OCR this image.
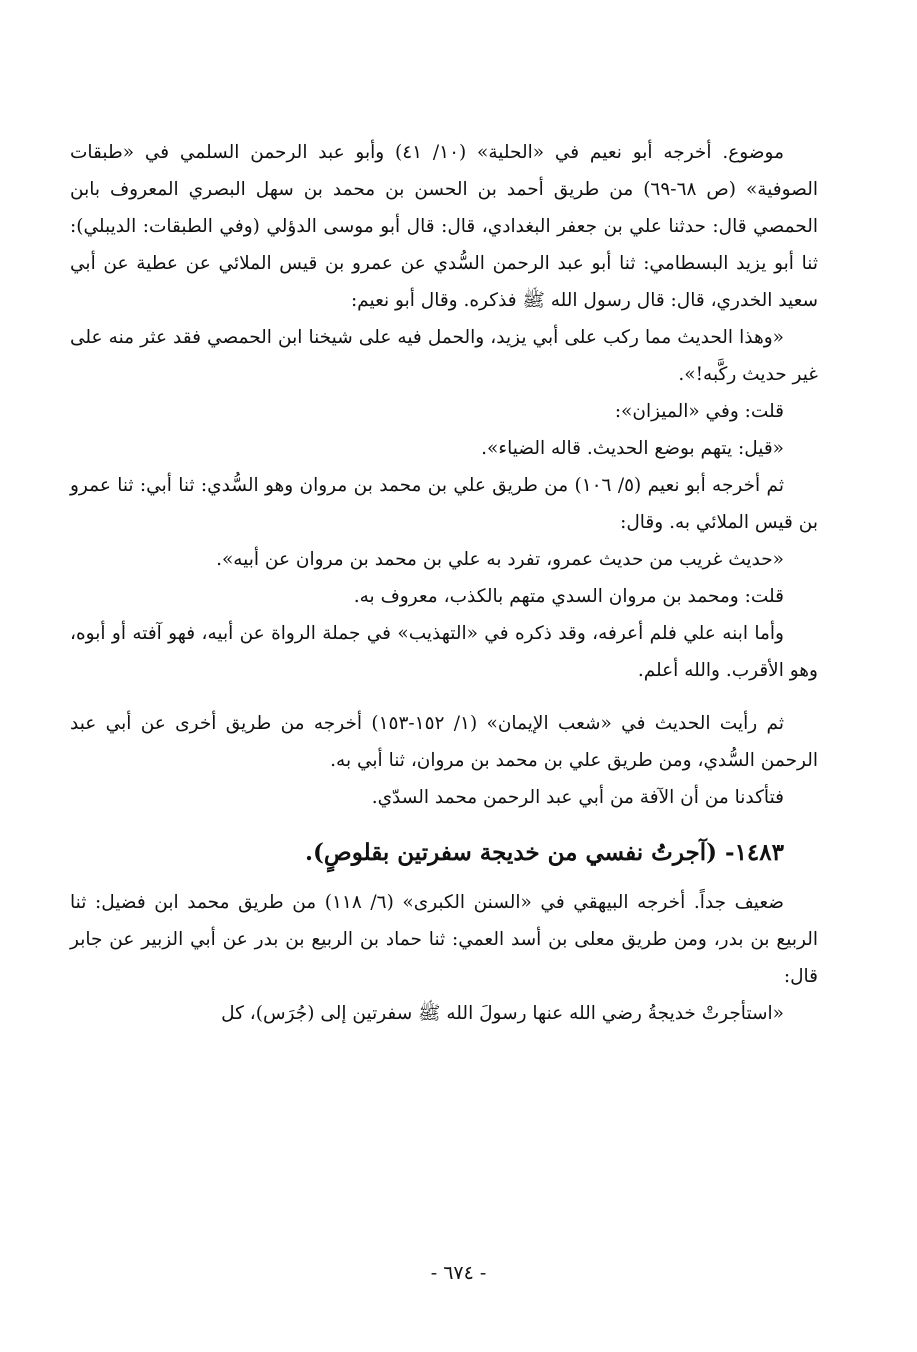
موضوع. أخرجه أبو نعيم في «الحلية» (١٠/ ٤١) وأبو عبد الرحمن السلمي في «طبقات الصوفية» (ص ٦٨-٦٩) من طريق أحمد بن الحسن بن محمد بن سهل البصري المعروف بابن الحمصي قال: حدثنا علي بن جعفر البغدادي، قال: قال أبو موسى الدؤلي (وفي الطبقات: الديبلي): ثنا أبو يزيد البسطامي: ثنا أبو عبد الرحمن السُّدي عن عمرو بن قيس الملائي عن عطية عن أبي سعيد الخدري، قال: قال رسول الله ﷺ فذكره. وقال أبو نعيم:

«وهذا الحديث مما ركب على أبي يزيد، والحمل فيه على شيخنا ابن الحمصي فقد عثر منه على غير حديث ركَّبه!».

قلت: وفي «الميزان»:

«قيل: يتهم بوضع الحديث. قاله الضياء».

ثم أخرجه أبو نعيم (٥/ ١٠٦) من طريق علي بن محمد بن مروان وهو السُّدي: ثنا أبي: ثنا عمرو بن قيس الملائي به. وقال:

«حديث غريب من حديث عمرو، تفرد به علي بن محمد بن مروان عن أبيه».

قلت: ومحمد بن مروان السدي متهم بالكذب، معروف به.

وأما ابنه علي فلم أعرفه، وقد ذكره في «التهذيب» في جملة الرواة عن أبيه، فهو آفته أو أبوه، وهو الأقرب. والله أعلم.

ثم رأيت الحديث في «شعب الإيمان» (١/ ١٥٢-١٥٣) أخرجه من طريق أخرى عن أبي عبد الرحمن السُّدي، ومن طريق علي بن محمد بن مروان، ثنا أبي به.

فتأكدنا من أن الآفة من أبي عبد الرحمن محمد السدّي.

١٤٨٣- (آجرتُ نفسي من خديجة سفرتين بقلوصٍ).

ضعيف جداً. أخرجه البيهقي في «السنن الكبرى» (٦/ ١١٨) من طريق محمد ابن فضيل: ثنا الربيع بن بدر، ومن طريق معلى بن أسد العمي: ثنا حماد بن الربيع بن بدر عن أبي الزبير عن جابر قال:

«استأجرتْ خديجةُ رضي الله عنها رسولَ الله ﷺ سفرتين إلى (جُرَس)، كل

- ٦٧٤ -
